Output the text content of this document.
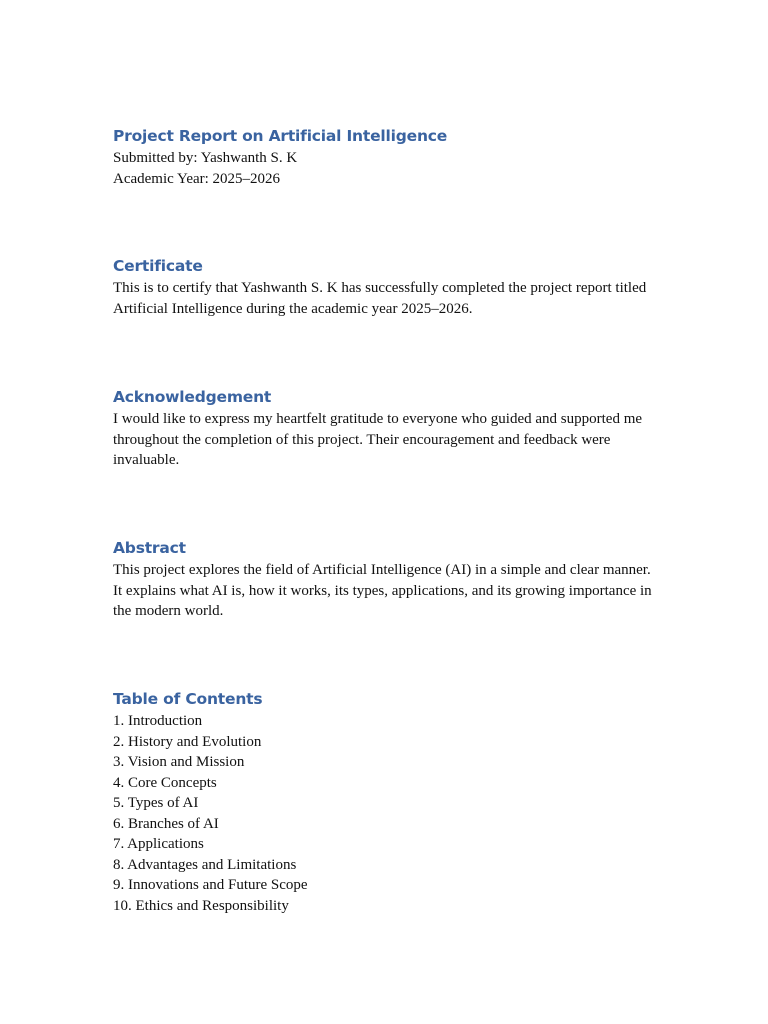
Project Report on Artificial Intelligence

Submitted by: Yashwanth S. K

Academic Year: 2025–2026

Certificate

This is to certify that Yashwanth S. K has successfully completed the project report titled Artificial Intelligence during the academic year 2025–2026.

Acknowledgement

I would like to express my heartfelt gratitude to everyone who guided and supported me throughout the completion of this project. Their encouragement and feedback were invaluable.

Abstract

This project explores the field of Artificial Intelligence (AI) in a simple and clear manner. It explains what AI is, how it works, its types, applications, and its growing importance in the modern world.

Table of Contents
1. Introduction
2. History and Evolution
3. Vision and Mission
4. Core Concepts
5. Types of AI
6. Branches of AI
7. Applications
8. Advantages and Limitations
9. Innovations and Future Scope
10. Ethics and Responsibility
